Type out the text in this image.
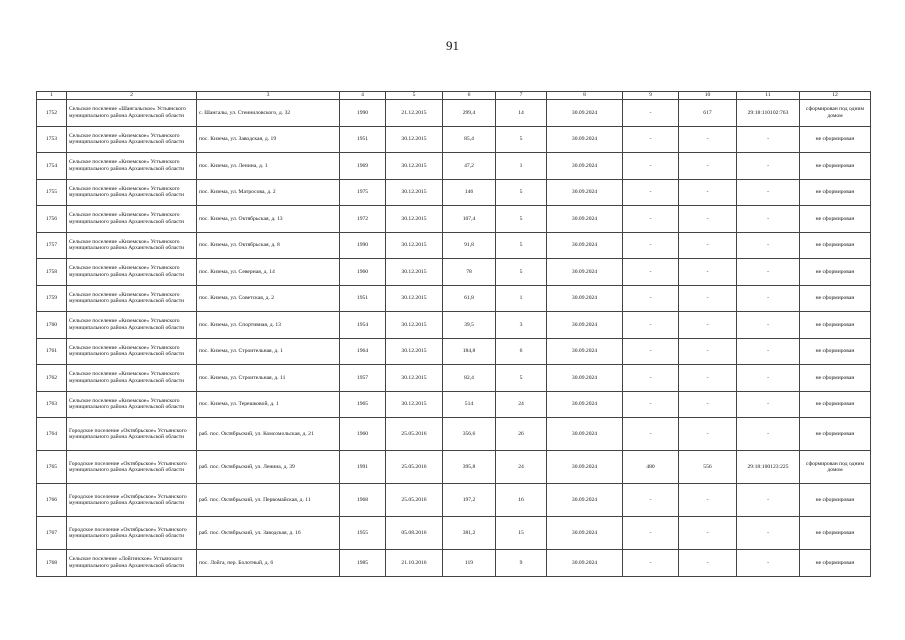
91
1	2	3	4	5	6	7	8	9	10	11	12
1752	Сельское поселение «Шангальское» Устьянского муниципального района Архангельской области	с. Шангалы, ул. Стеиниловского, д. 32	1990	21.12.2015	299,4	14	30.09.2024	-	617	29:18:110102:763	сформирован под одним домом
1753	Сельское поселение «Киземское» Устьянского муниципального района Архангельской области	пос. Кизема, ул. Заводская, д. 19	1951	30.12.2015	85,4	5	30.09.2024	-	-	-	не сформирован
1754	Сельское поселение «Киземское» Устьянского муниципального района Архангельской области	пос. Кизема, ул. Ленина, д. 1	1969	30.12.2015	47,2	1	30.09.2024	-	-	-	не сформирован
1755	Сельское поселение «Киземское» Устьянского муниципального района Архангельской области	пос. Кизема, ул. Матросова, д. 2	1975	30.12.2015	146	5	30.09.2024	-	-	-	не сформирован
1756	Сельское поселение «Киземское» Устьянского муниципального района Архангельской области	пос. Кизема, ул. Октябрьская, д. 13	1972	30.12.2015	107,4	5	30.09.2024	-	-	-	не сформирован
1757	Сельское поселение «Киземское» Устьянского муниципального района Архангельской области	пос. Кизема, ул. Октябрьская, д. 8	1990	30.12.2015	91,8	5	30.09.2024	-	-	-	не сформирован
1758	Сельское поселение «Киземское» Устьянского муниципального района Архангельской области	пос. Кизема, ул. Северная, д. 14	1960	30.12.2015	78	5	30.09.2024	-	-	-	не сформирован
1759	Сельское поселение «Киземское» Устьянского муниципального района Архангельской области	пос. Кизема, ул. Советская, д. 2	1951	30.12.2015	61,8	1	30.09.2024	-	-	-	не сформирован
1760	Сельское поселение «Киземское» Устьянского муниципального района Архангельской области	пос. Кизема, ул. Спортивная, д. 13	1954	30.12.2015	39,5	3	30.09.2024	-	-	-	не сформирован
1761	Сельское поселение «Киземское» Устьянского муниципального района Архангельской области	пос. Кизема, ул. Строительная, д. 1	1964	30.12.2015	184,8	6	30.09.2024	-	-	-	не сформирован
1762	Сельское поселение «Киземское» Устьянского муниципального района Архангельской области	пос. Кизема, ул. Строительная, д. 11	1957	30.12.2015	82,4	5	30.09.2024	-	-	-	не сформирован
1763	Сельское поселение «Киземское» Устьянского муниципального района Архангельской области	пос. Кизема, ул. Терешковой, д. 1	1965	30.12.2015	514	24	30.09.2024	-	-	-	не сформирован
1764	Городское поселение «Октябрьское» Устьянского муниципального района Архангельской области	раб. пос. Октябрьский, ул. Комсомольская, д. 21	1960	25.05.2016	356,6	26	30.09.2024	-	-	-	не сформирован
1765	Городское поселение «Октябрьское» Устьянского муниципального района Архангельской области	раб. пос. Октябрьский, ул. Ленина, д. 39	1991	25.05.2016	395,8	24	30.09.2024	480	556	29:18:100123:225	сформирован под одним домом
1766	Городское поселение «Октябрьское» Устьянского муниципального района Архангельской области	раб. пос. Октябрьский, ул. Первомайская, д. 11	1968	25.05.2016	197,2	16	30.09.2024	-	-	-	не сформирован
1767	Городское поселение «Октябрьское» Устьянского муниципального района Архангельской области	раб. пос. Октябрьский, ул. Заводская, д. 16	1955	05.08.2016	381,2	15	30.09.2024	-	-	-	не сформирован
1768	Сельское поселение «Лойгинское» Устьянского муниципального района Архангельской области	пос. Лойга, пер. Болотный, д. 6	1985	21.10.2016	119	9	30.09.2024	-	-	-	не сформирован
